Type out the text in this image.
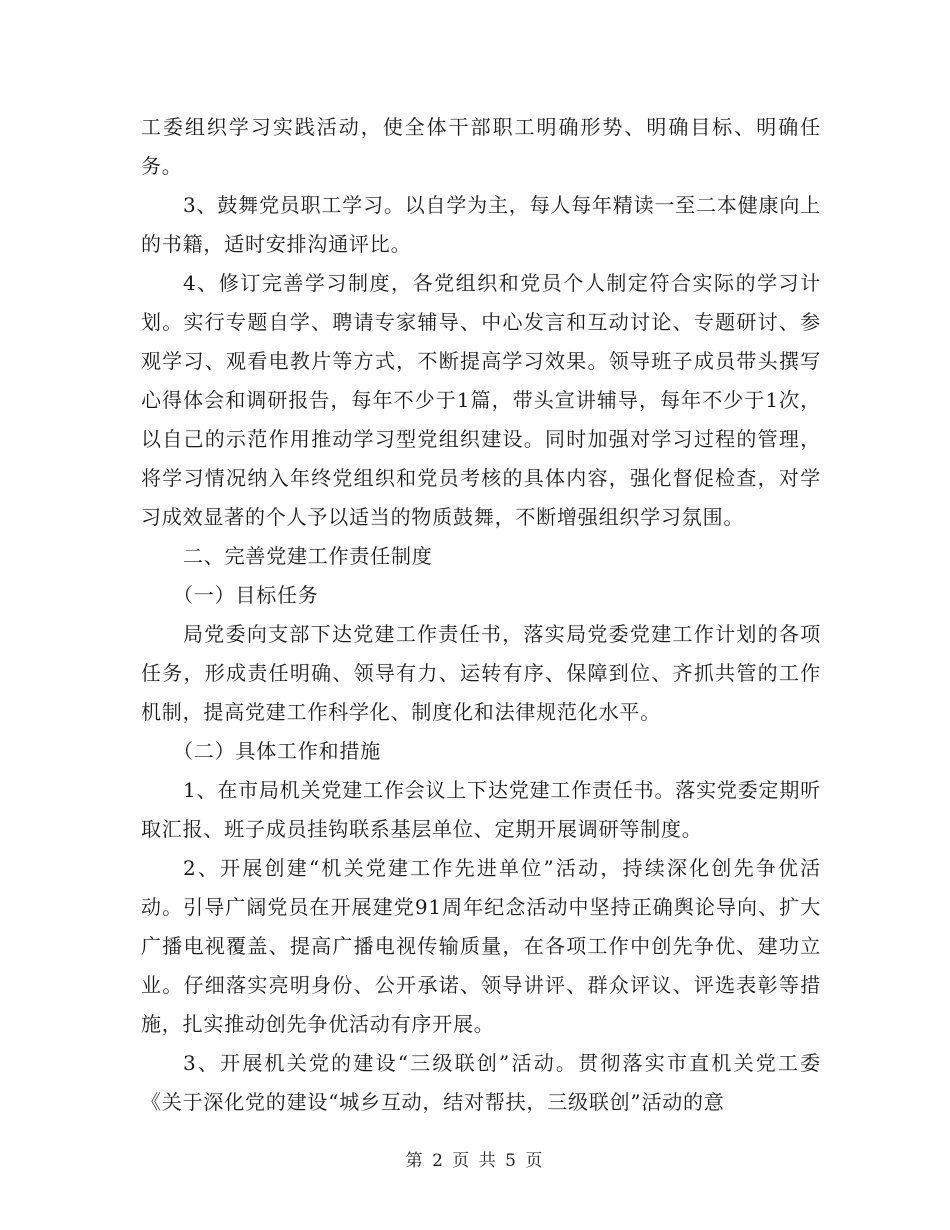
工委组织学习实践活动，使全体干部职工明确形势、明确目标、明确任务。

3、鼓舞党员职工学习。以自学为主，每人每年精读一至二本健康向上的书籍，适时安排沟通评比。

4、修订完善学习制度，各党组织和党员个人制定符合实际的学习计划。实行专题自学、聘请专家辅导、中心发言和互动讨论、专题研讨、参观学习、观看电教片等方式，不断提高学习效果。领导班子成员带头撰写心得体会和调研报告，每年不少于1篇，带头宣讲辅导，每年不少于1次，以自己的示范作用推动学习型党组织建设。同时加强对学习过程的管理，将学习情况纳入年终党组织和党员考核的具体内容，强化督促检查，对学习成效显著的个人予以适当的物质鼓舞，不断增强组织学习氛围。

二、完善党建工作责任制度

（一）目标任务

局党委向支部下达党建工作责任书，落实局党委党建工作计划的各项任务，形成责任明确、领导有力、运转有序、保障到位、齐抓共管的工作机制，提高党建工作科学化、制度化和法律规范化水平。

（二）具体工作和措施

1、在市局机关党建工作会议上下达党建工作责任书。落实党委定期听取汇报、班子成员挂钩联系基层单位、定期开展调研等制度。

2、开展创建“机关党建工作先进单位”活动，持续深化创先争优活动。引导广阔党员在开展建党91周年纪念活动中坚持正确舆论导向、扩大广播电视覆盖、提高广播电视传输质量，在各项工作中创先争优、建功立业。仔细落实亮明身份、公开承诺、领导讲评、群众评议、评选表彰等措施，扎实推动创先争优活动有序开展。

3、开展机关党的建设“三级联创”活动。贯彻落实市直机关党工委《关于深化党的建设“城乡互动，结对帮扶，三级联创”活动的意

第 2 页 共 5 页
